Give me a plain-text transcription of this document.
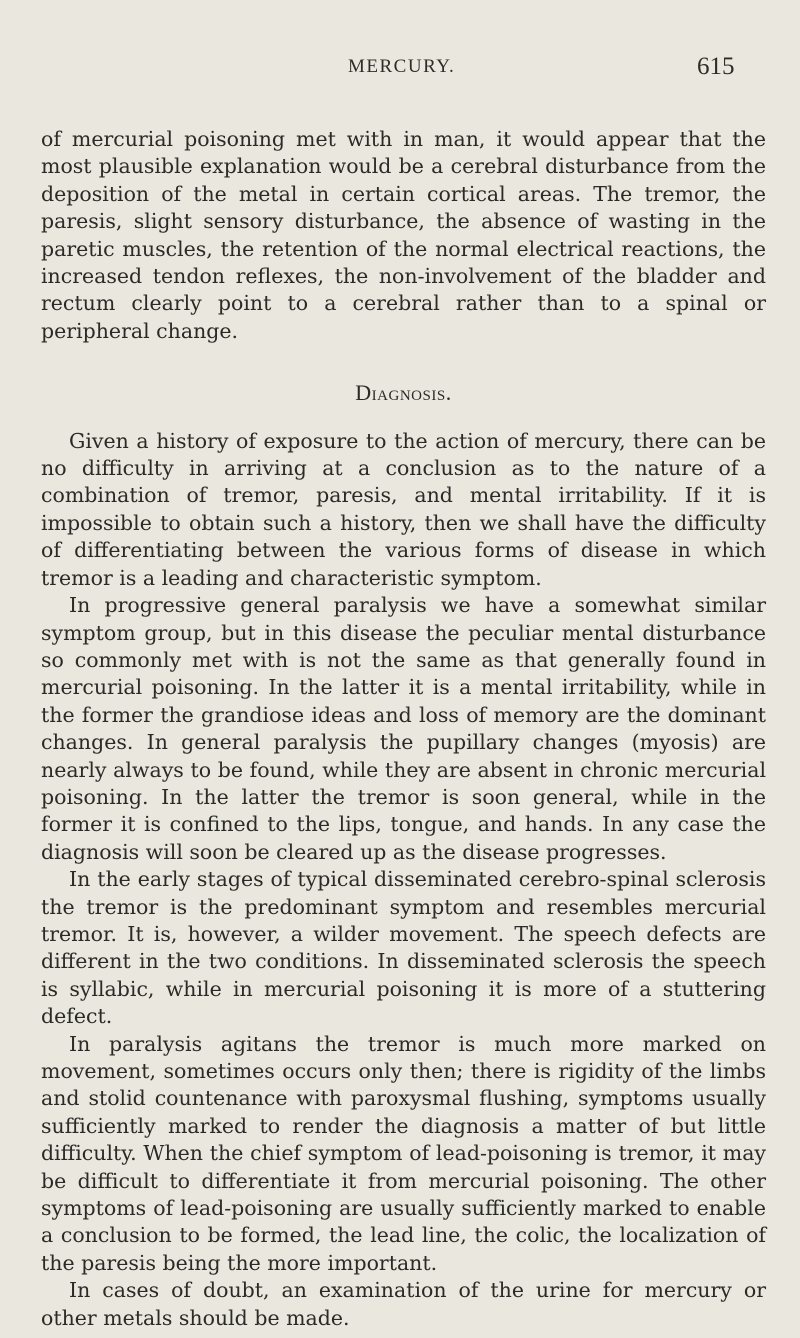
MERCURY.	615

of mercurial poisoning met with in man, it would appear that the most plausible explanation would be a cerebral disturbance from the deposition of the metal in certain cortical areas. The tremor, the paresis, slight sensory disturbance, the absence of wasting in the paretic muscles, the retention of the normal electrical reactions, the increased tendon reflexes, the non-involvement of the bladder and rectum clearly point to a cerebral rather than to a spinal or peripheral change.

Diagnosis.

Given a history of exposure to the action of mercury, there can be no difficulty in arriving at a conclusion as to the nature of a combination of tremor, paresis, and mental irritability. If it is impossible to obtain such a history, then we shall have the difficulty of differentiating between the various forms of disease in which tremor is a leading and characteristic symptom.

In progressive general paralysis we have a somewhat similar symptom group, but in this disease the peculiar mental disturbance so commonly met with is not the same as that generally found in mercurial poisoning. In the latter it is a mental irritability, while in the former the grandiose ideas and loss of memory are the dominant changes. In general paralysis the pupillary changes (myosis) are nearly always to be found, while they are absent in chronic mercurial poisoning. In the latter the tremor is soon general, while in the former it is confined to the lips, tongue, and hands. In any case the diagnosis will soon be cleared up as the disease progresses.

In the early stages of typical disseminated cerebro-spinal sclerosis the tremor is the predominant symptom and resembles mercurial tremor. It is, however, a wilder movement. The speech defects are different in the two conditions. In disseminated sclerosis the speech is syllabic, while in mercurial poisoning it is more of a stuttering defect.

In paralysis agitans the tremor is much more marked on movement, sometimes occurs only then; there is rigidity of the limbs and stolid countenance with paroxysmal flushing, symptoms usually sufficiently marked to render the diagnosis a matter of but little difficulty. When the chief symptom of lead-poisoning is tremor, it may be difficult to differentiate it from mercurial poisoning. The other symptoms of lead-poisoning are usually sufficiently marked to enable a conclusion to be formed, the lead line, the colic, the localization of the paresis being the more important.

In cases of doubt, an examination of the urine for mercury or other metals should be made.
